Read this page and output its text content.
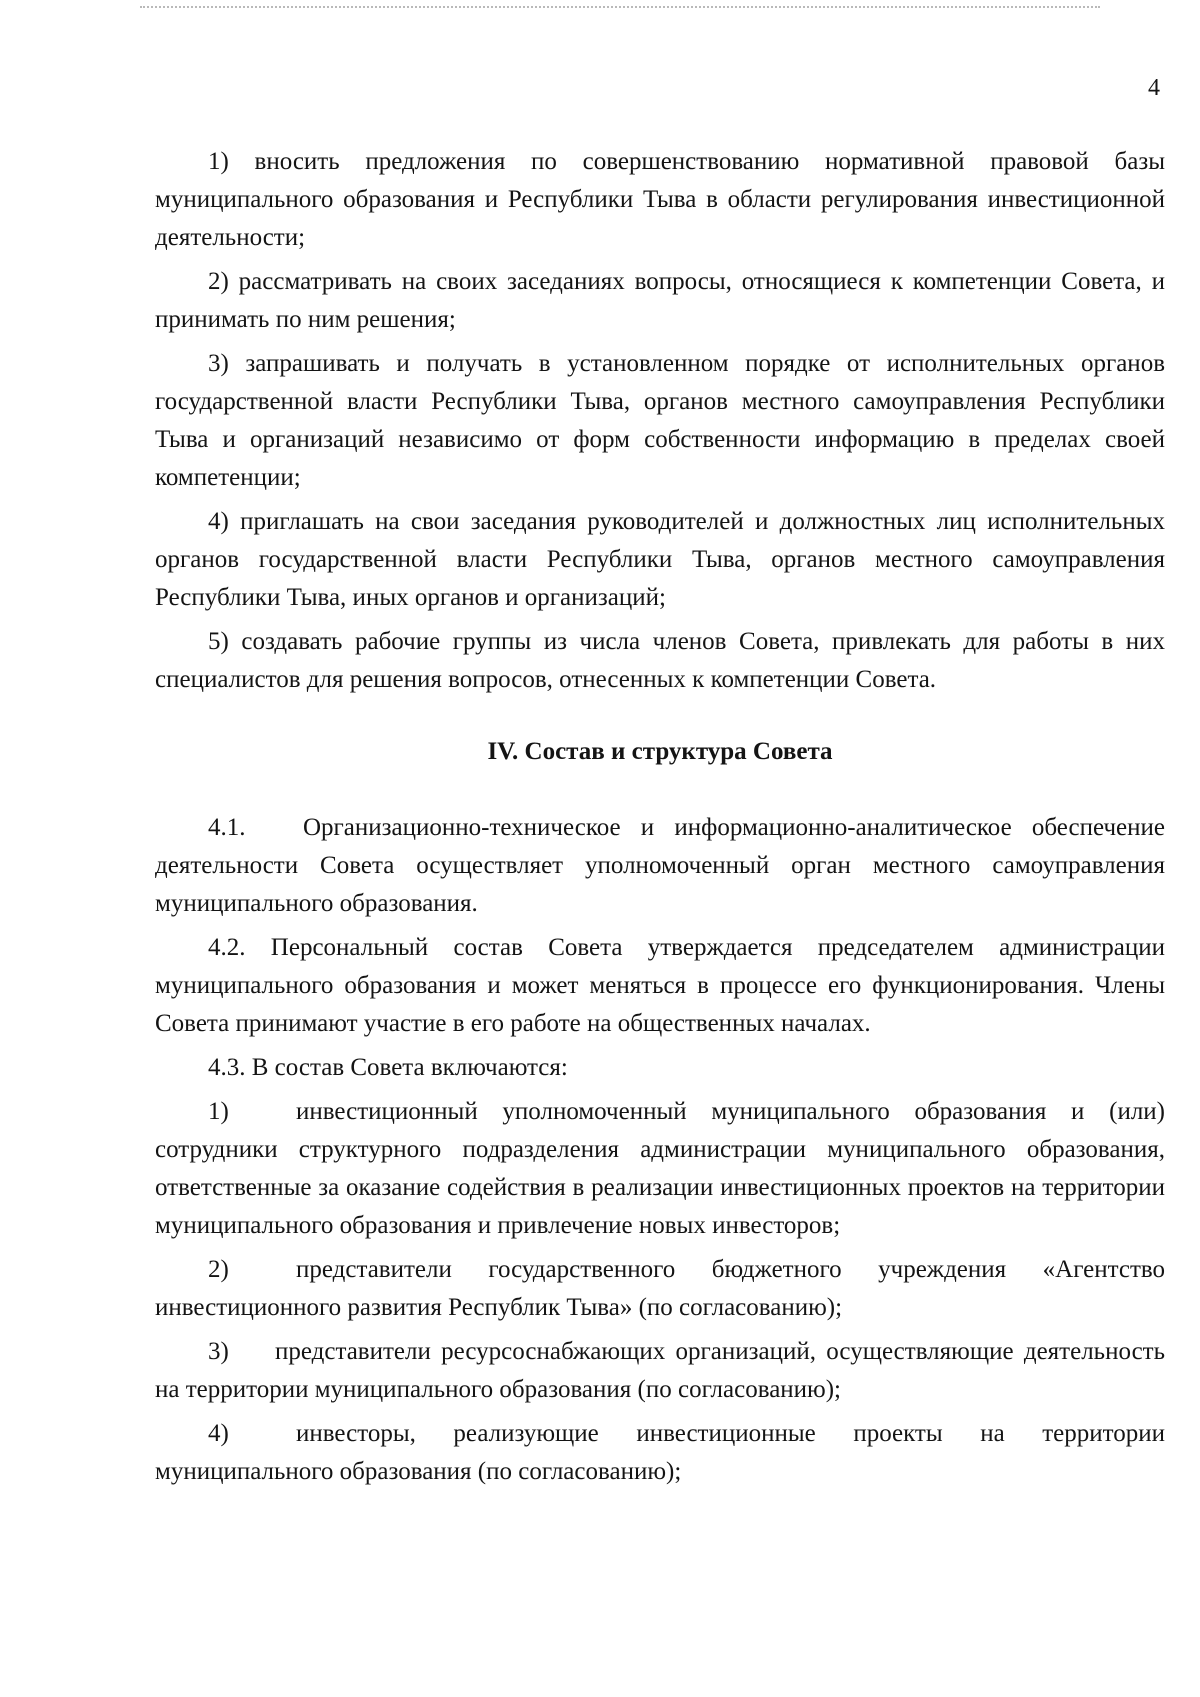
4

1) вносить предложения по совершенствованию нормативной правовой базы муниципального образования и Республики Тыва в области регулирования инвестиционной деятельности;

2) рассматривать на своих заседаниях вопросы, относящиеся к компетенции Совета, и принимать по ним решения;

3) запрашивать и получать в установленном порядке от исполнительных органов государственной власти Республики Тыва, органов местного самоуправления Республики Тыва и организаций независимо от форм собственности информацию в пределах своей компетенции;

4) приглашать на свои заседания руководителей и должностных лиц исполнительных органов государственной власти Республики Тыва, органов местного самоуправления Республики Тыва, иных органов и организаций;

5) создавать рабочие группы из числа членов Совета, привлекать для работы в них специалистов для решения вопросов, отнесенных к компетенции Совета.

IV. Состав и структура Совета

4.1. Организационно-техническое и информационно-аналитическое обеспечение деятельности Совета осуществляет уполномоченный орган местного самоуправления муниципального образования.

4.2. Персональный состав Совета утверждается председателем администрации муниципального образования и может меняться в процессе его функционирования. Члены Совета принимают участие в его работе на общественных началах.

4.3. В состав Совета включаются:

1)	инвестиционный уполномоченный муниципального образования и (или) сотрудники структурного подразделения администрации муниципального образования, ответственные за оказание содействия в реализации инвестиционных проектов на территории муниципального образования и привлечение новых инвесторов;

2)	представители государственного бюджетного учреждения «Агентство инвестиционного развития Республик Тыва» (по согласованию);

3) представители ресурсоснабжающих организаций, осуществляющие деятельность на территории муниципального образования (по согласованию);

4)	инвесторы, реализующие инвестиционные проекты на территории муниципального образования (по согласованию);
